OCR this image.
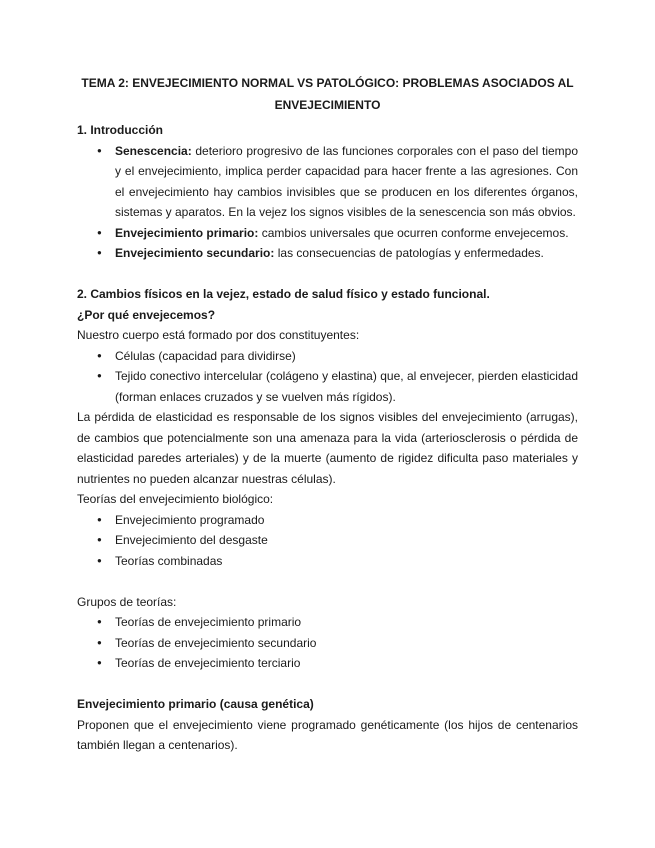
TEMA 2: ENVEJECIMIENTO NORMAL VS PATOLÓGICO: PROBLEMAS ASOCIADOS AL ENVEJECIMIENTO

1. Introducción

● Senescencia: deterioro progresivo de las funciones corporales con el paso del tiempo y el envejecimiento, implica perder capacidad para hacer frente a las agresiones. Con el envejecimiento hay cambios invisibles que se producen en los diferentes órganos, sistemas y aparatos. En la vejez los signos visibles de la senescencia son más obvios.
● Envejecimiento primario: cambios universales que ocurren conforme envejecemos.
● Envejecimiento secundario: las consecuencias de patologías y enfermedades.

2. Cambios físicos en la vejez, estado de salud físico y estado funcional.

¿Por qué envejecemos?

Nuestro cuerpo está formado por dos constituyentes:

● Células (capacidad para dividirse)
● Tejido conectivo intercelular (colágeno y elastina) que, al envejecer, pierden elasticidad (forman enlaces cruzados y se vuelven más rígidos).

La pérdida de elasticidad es responsable de los signos visibles del envejecimiento (arrugas), de cambios que potencialmente son una amenaza para la vida (arteriosclerosis o pérdida de elasticidad paredes arteriales) y de la muerte (aumento de rigidez dificulta paso materiales y nutrientes no pueden alcanzar nuestras células).

Teorías del envejecimiento biológico:

● Envejecimiento programado
● Envejecimiento del desgaste
● Teorías combinadas

Grupos de teorías:

● Teorías de envejecimiento primario
● Teorías de envejecimiento secundario
● Teorías de envejecimiento terciario

Envejecimiento primario (causa genética)

Proponen que el envejecimiento viene programado genéticamente (los hijos de centenarios también llegan a centenarios).
